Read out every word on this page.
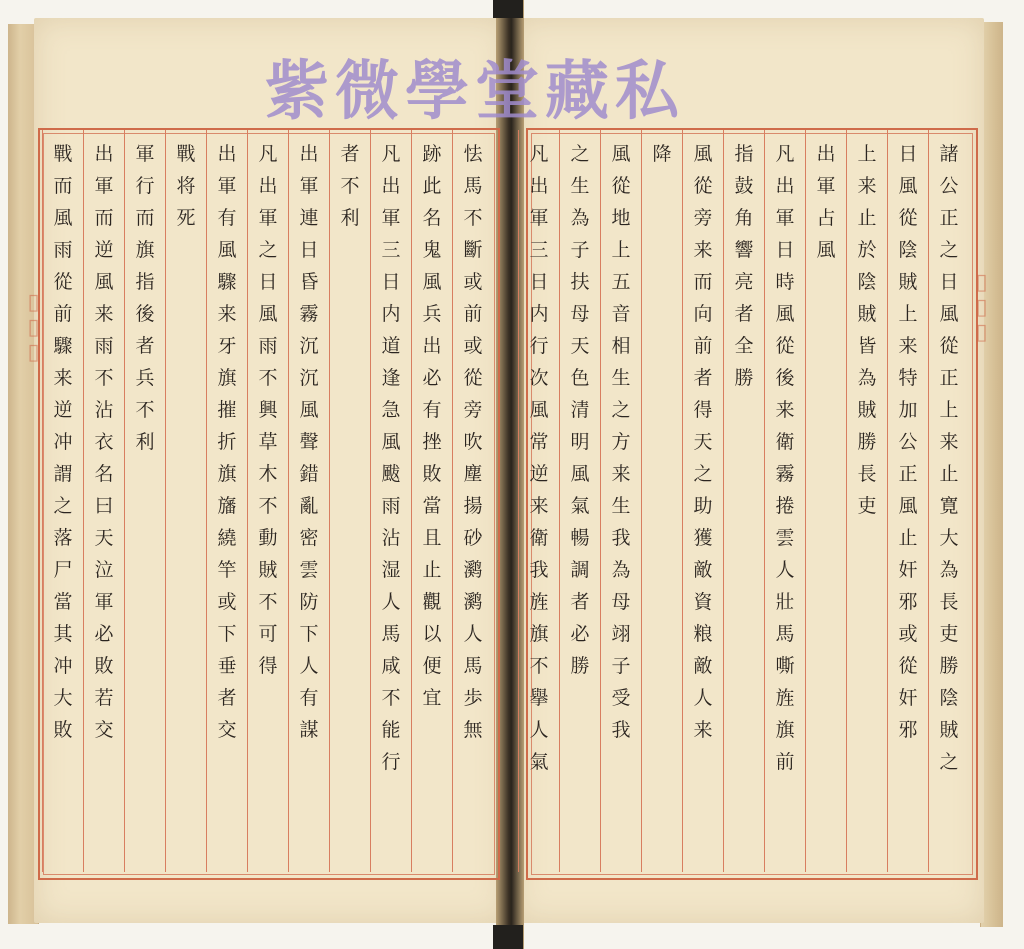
怯
馬
不
斷
或
前
或
從
旁
吹
塵
揚
砂
㶉
㶉
人
馬
歩
無
跡
此
名
鬼
風
兵
出
必
有
挫
敗
當
且
止
觀
以
便
宜
凡
出
軍
三
日
内
道
逢
急
風
颰
雨
沾
湿
人
馬
咸
不
能
行
者
不
利
出
軍
連
日
昏
霧
沉
沉
風
聲
錯
亂
密
雲
防
下
人
有
謀
凡
出
軍
之
日
風
雨
不
興
草
木
不
動
賊
不
可
得
出
軍
有
風
驟
来
牙
旗
摧
折
旗
旛
繞
竿
或
下
垂
者
交
戰
将
死
軍
行
而
旗
指
後
者
兵
不
利
出
軍
而
逆
風
来
雨
不
沾
衣
名
曰
天
泣
軍
必
敗
若
交
戰
而
風
雨
從
前
驟
来
逆
冲
謂
之
落
尸
當
其
冲
大
敗
諸
公
正
之
日
風
從
正
上
来
止
寛
大
為
長
吏
勝
陰
賊
之
日
風
從
陰
賊
上
来
特
加
公
正
風
止
奸
邪
或
從
奸
邪
上
来
止
於
陰
賊
皆
為
賊
勝
長
吏
出
軍
占
風
凡
出
軍
日
時
風
從
後
来
衛
霧
捲
雲
人
壯
馬
嘶
旌
旗
前
指
鼓
角
響
亮
者
全
勝
風
從
旁
来
而
向
前
者
得
天
之
助
獲
敵
資
粮
敵
人
来
降
風
從
地
上
五
音
相
生
之
方
来
生
我
為
母
翊
子
受
我
之
生
為
子
扶
母
天
色
清
明
風
氣
暢
調
者
必
勝
凡
出
軍
三
日
内
行
次
風
常
逆
来
衛
我
旌
旗
不
擧
人
氣
紫微學堂藏私
▯▯▯	▯▯▯
